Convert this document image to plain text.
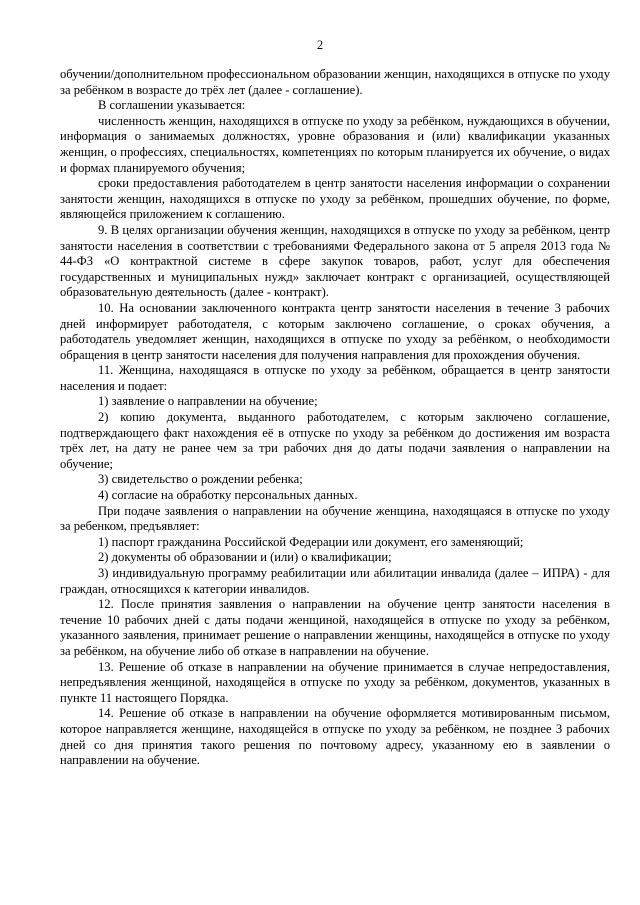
2

обучении/дополнительном профессиональном образовании женщин, находящихся в отпуске по уходу за ребёнком в возрасте до трёх лет (далее - соглашение).

В соглашении указывается:

численность женщин, находящихся в отпуске по уходу за ребёнком, нуждающихся в обучении, информация о занимаемых должностях, уровне образования и (или) квалификации указанных женщин, о профессиях, специальностях, компетенциях по которым планируется их обучение, о видах и формах планируемого обучения;

сроки предоставления работодателем в центр занятости населения информации о сохранении занятости женщин, находящихся в отпуске по уходу за ребёнком, прошедших обучение, по форме, являющейся приложением к соглашению.

9. В целях организации обучения женщин, находящихся в отпуске по уходу за ребёнком, центр занятости населения в соответствии с требованиями Федерального закона от 5 апреля 2013 года № 44-ФЗ «О контрактной системе в сфере закупок товаров, работ, услуг для обеспечения государственных и муниципальных нужд» заключает контракт с организацией, осуществляющей образовательную деятельность (далее - контракт).

10. На основании заключенного контракта центр занятости населения в течение 3 рабочих дней информирует работодателя, с которым заключено соглашение, о сроках обучения, а работодатель уведомляет женщин, находящихся в отпуске по уходу за ребёнком, о необходимости обращения в центр занятости населения для получения направления для прохождения обучения.

11. Женщина, находящаяся в отпуске по уходу за ребёнком, обращается в центр занятости населения и подает:

1) заявление о направлении на обучение;

2) копию документа, выданного работодателем, с которым заключено соглашение, подтверждающего факт нахождения её в отпуске по уходу за ребёнком до достижения им возраста трёх лет, на дату не ранее чем за три рабочих дня до даты подачи заявления о направлении на обучение;

3) свидетельство о рождении ребенка;

4) согласие на обработку персональных данных.

При подаче заявления о направлении на обучение женщина, находящаяся в отпуске по уходу за ребенком, предъявляет:

1) паспорт гражданина Российской Федерации или документ, его заменяющий;

2) документы об образовании и (или) о квалификации;

3) индивидуальную программу реабилитации или абилитации инвалида (далее – ИПРА) - для граждан, относящихся к категории инвалидов.

12. После принятия заявления о направлении на обучение центр занятости населения в течение 10 рабочих дней с даты подачи женщиной, находящейся в отпуске по уходу за ребёнком, указанного заявления, принимает решение о направлении женщины, находящейся в отпуске по уходу за ребёнком, на обучение либо об отказе в направлении на обучение.

13. Решение об отказе в направлении на обучение принимается в случае непредоставления, непредъявления женщиной, находящейся в отпуске по уходу за ребёнком, документов, указанных в пункте 11 настоящего Порядка.

14. Решение об отказе в направлении на обучение оформляется мотивированным письмом, которое направляется женщине, находящейся в отпуске по уходу за ребёнком, не позднее 3 рабочих дней со дня принятия такого решения по почтовому адресу, указанному ею в заявлении о направлении на обучение.
